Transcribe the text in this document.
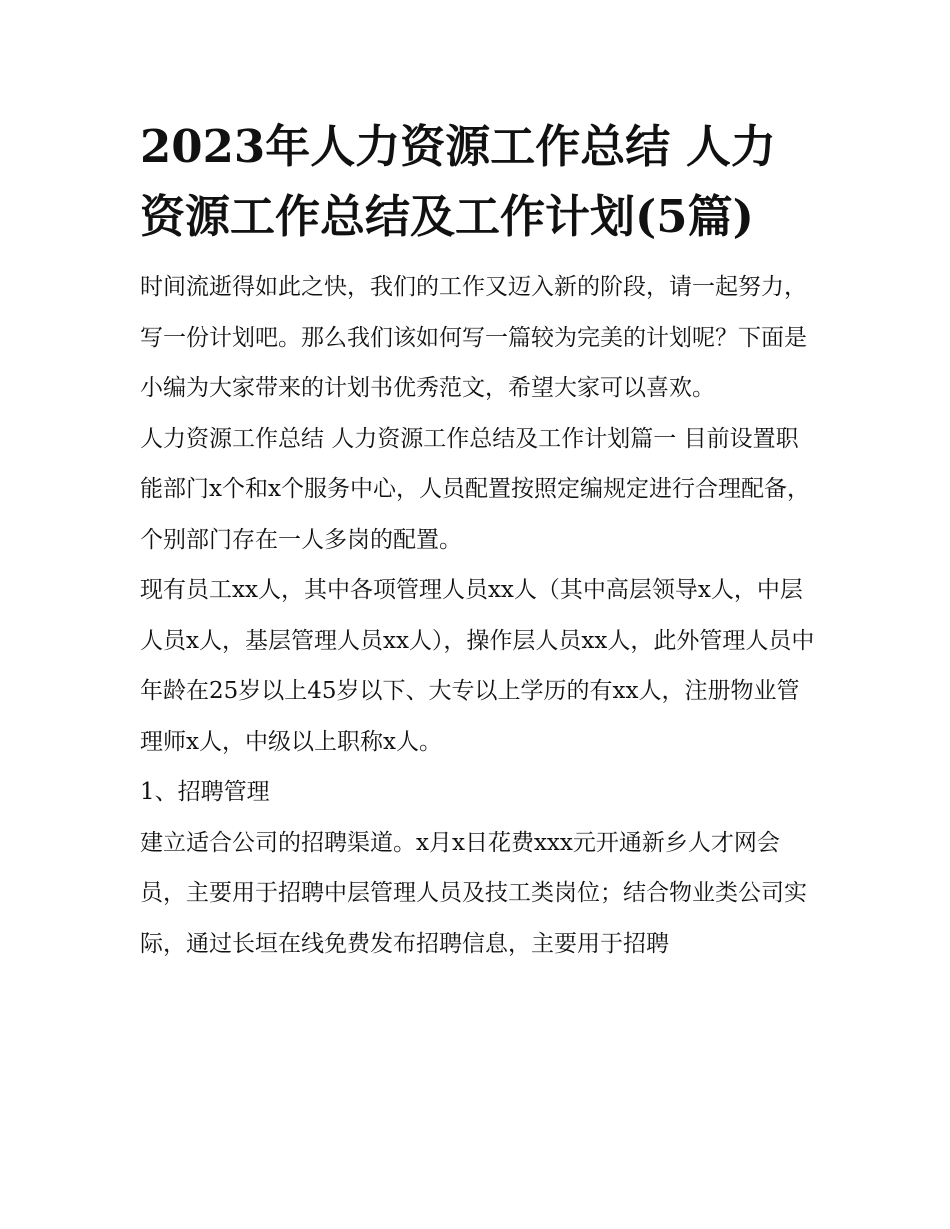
2023年人力资源工作总结 人力资源工作总结及工作计划(5篇)

时间流逝得如此之快，我们的工作又迈入新的阶段，请一起努力，写一份计划吧。那么我们该如何写一篇较为完美的计划呢？下面是小编为大家带来的计划书优秀范文，希望大家可以喜欢。

人力资源工作总结 人力资源工作总结及工作计划篇一 目前设置职能部门x个和x个服务中心，人员配置按照定编规定进行合理配备，个别部门存在一人多岗的配置。

现有员工xx人，其中各项管理人员xx人（其中高层领导x人，中层人员x人，基层管理人员xx人），操作层人员xx人，此外管理人员中年龄在25岁以上45岁以下、大专以上学历的有xx人，注册物业管理师x人，中级以上职称x人。

1、招聘管理

建立适合公司的招聘渠道。x月x日花费xxx元开通新乡人才网会员，主要用于招聘中层管理人员及技工类岗位；结合物业类公司实际，通过长垣在线免费发布招聘信息，主要用于招聘
